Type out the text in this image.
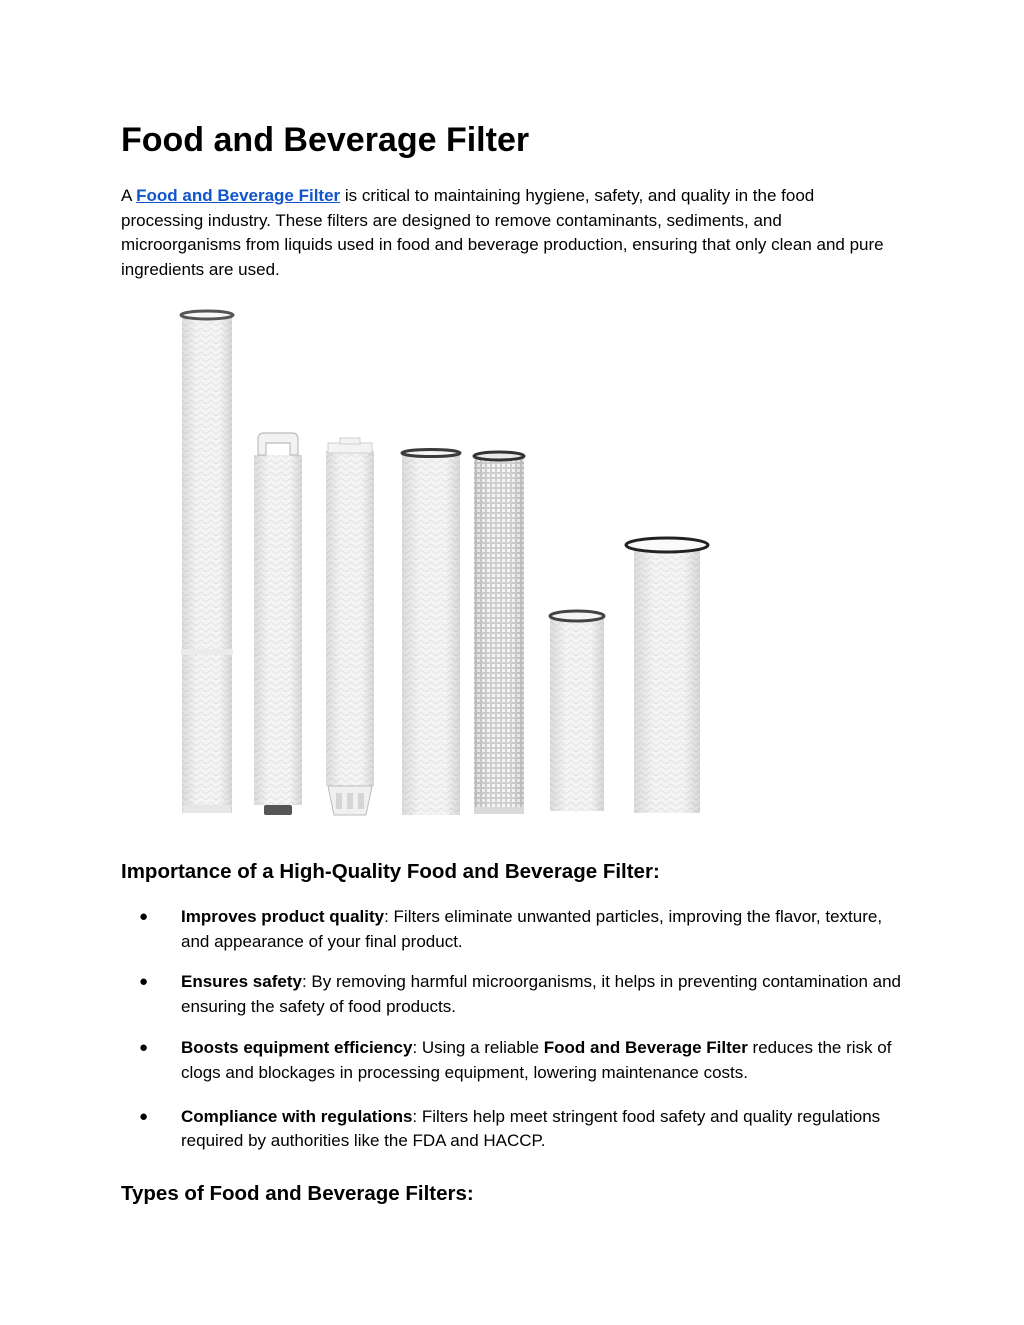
Food and Beverage Filter

A Food and Beverage Filter is critical to maintaining hygiene, safety, and quality in the food processing industry. These filters are designed to remove contaminants, sediments, and microorganisms from liquids used in food and beverage production, ensuring that only clean and pure ingredients are used.

Importance of a High-Quality Food and Beverage Filter:
● Improves product quality: Filters eliminate unwanted particles, improving the flavor, texture, and appearance of your final product.
● Ensures safety: By removing harmful microorganisms, it helps in preventing contamination and ensuring the safety of food products.
● Boosts equipment efficiency: Using a reliable Food and Beverage Filter reduces the risk of clogs and blockages in processing equipment, lowering maintenance costs.
● Compliance with regulations: Filters help meet stringent food safety and quality regulations required by authorities like the FDA and HACCP.
Types of Food and Beverage Filters:
